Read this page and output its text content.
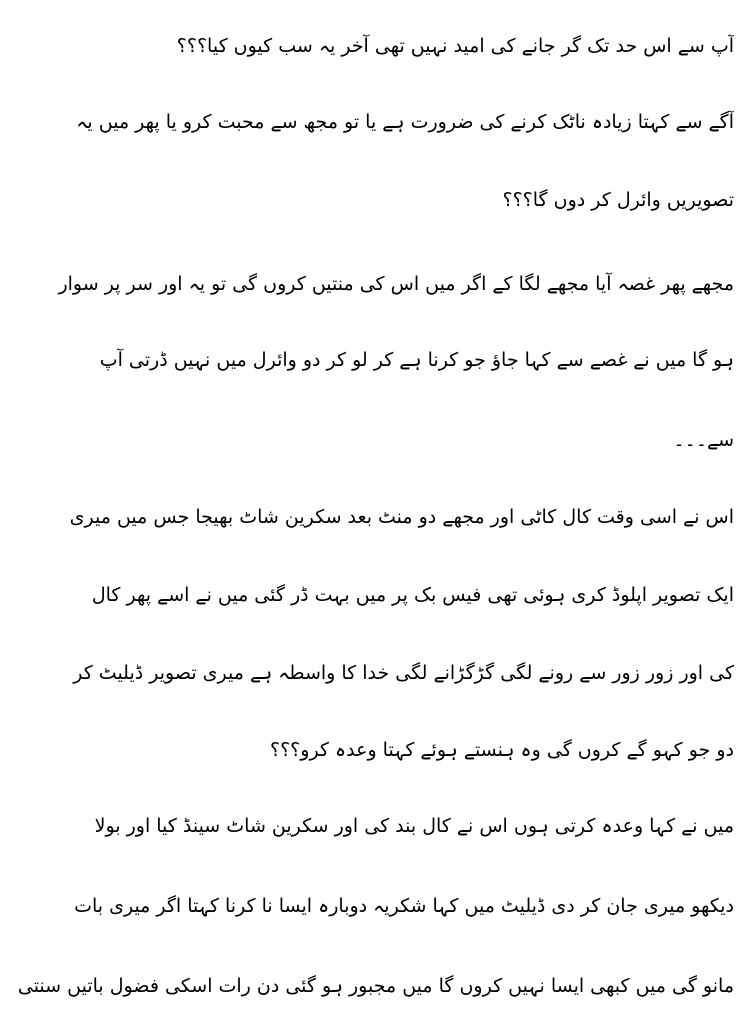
آپ سے اس حد تک گر جانے کی امید نہیں تھی آخر یہ سب کیوں کیا؟؟؟
آگے سے کہتا زیادہ ناٹک کرنے کی ضرورت ہے یا تو مجھ سے محبت کرو یا پھر میں یہ
تصویریں وائرل کر دوں گا؟؟؟
مجھے پھر غصہ آیا مجھے لگا کے اگر میں اس کی منتیں کروں گی تو یہ اور سر پر سوار
ہو گا میں نے غصے سے کہا جاؤ جو کرنا ہے کر لو کر دو وائرل میں نہیں ڈرتی آپ
سے۔۔۔
اس نے اسی وقت کال کاٹی اور مجھے دو منٹ بعد سکرین شاٹ بھیجا جس میں میری
ایک تصویر اپلوڈ کری ہوئی تھی فیس بک پر میں بہت ڈر گئی میں نے اسے پھر کال
کی اور زور زور سے رونے لگی گڑگڑانے لگی خدا کا واسطہ ہے میری تصویر ڈیلیٹ کر
دو جو کہو گے کروں گی وہ ہنستے ہوئے کہتا وعدہ کرو؟؟؟
میں نے کہا وعدہ کرتی ہوں اس نے کال بند کی اور سکرین شاٹ سینڈ کیا اور بولا
دیکھو میری جان کر دی ڈیلیٹ میں کہا شکریہ دوبارہ ایسا نا کرنا کہتا اگر میری بات
مانو گی میں کبھی ایسا نہیں کروں گا میں مجبور ہو گئی دن رات اسکی فضول باتیں سنتی
